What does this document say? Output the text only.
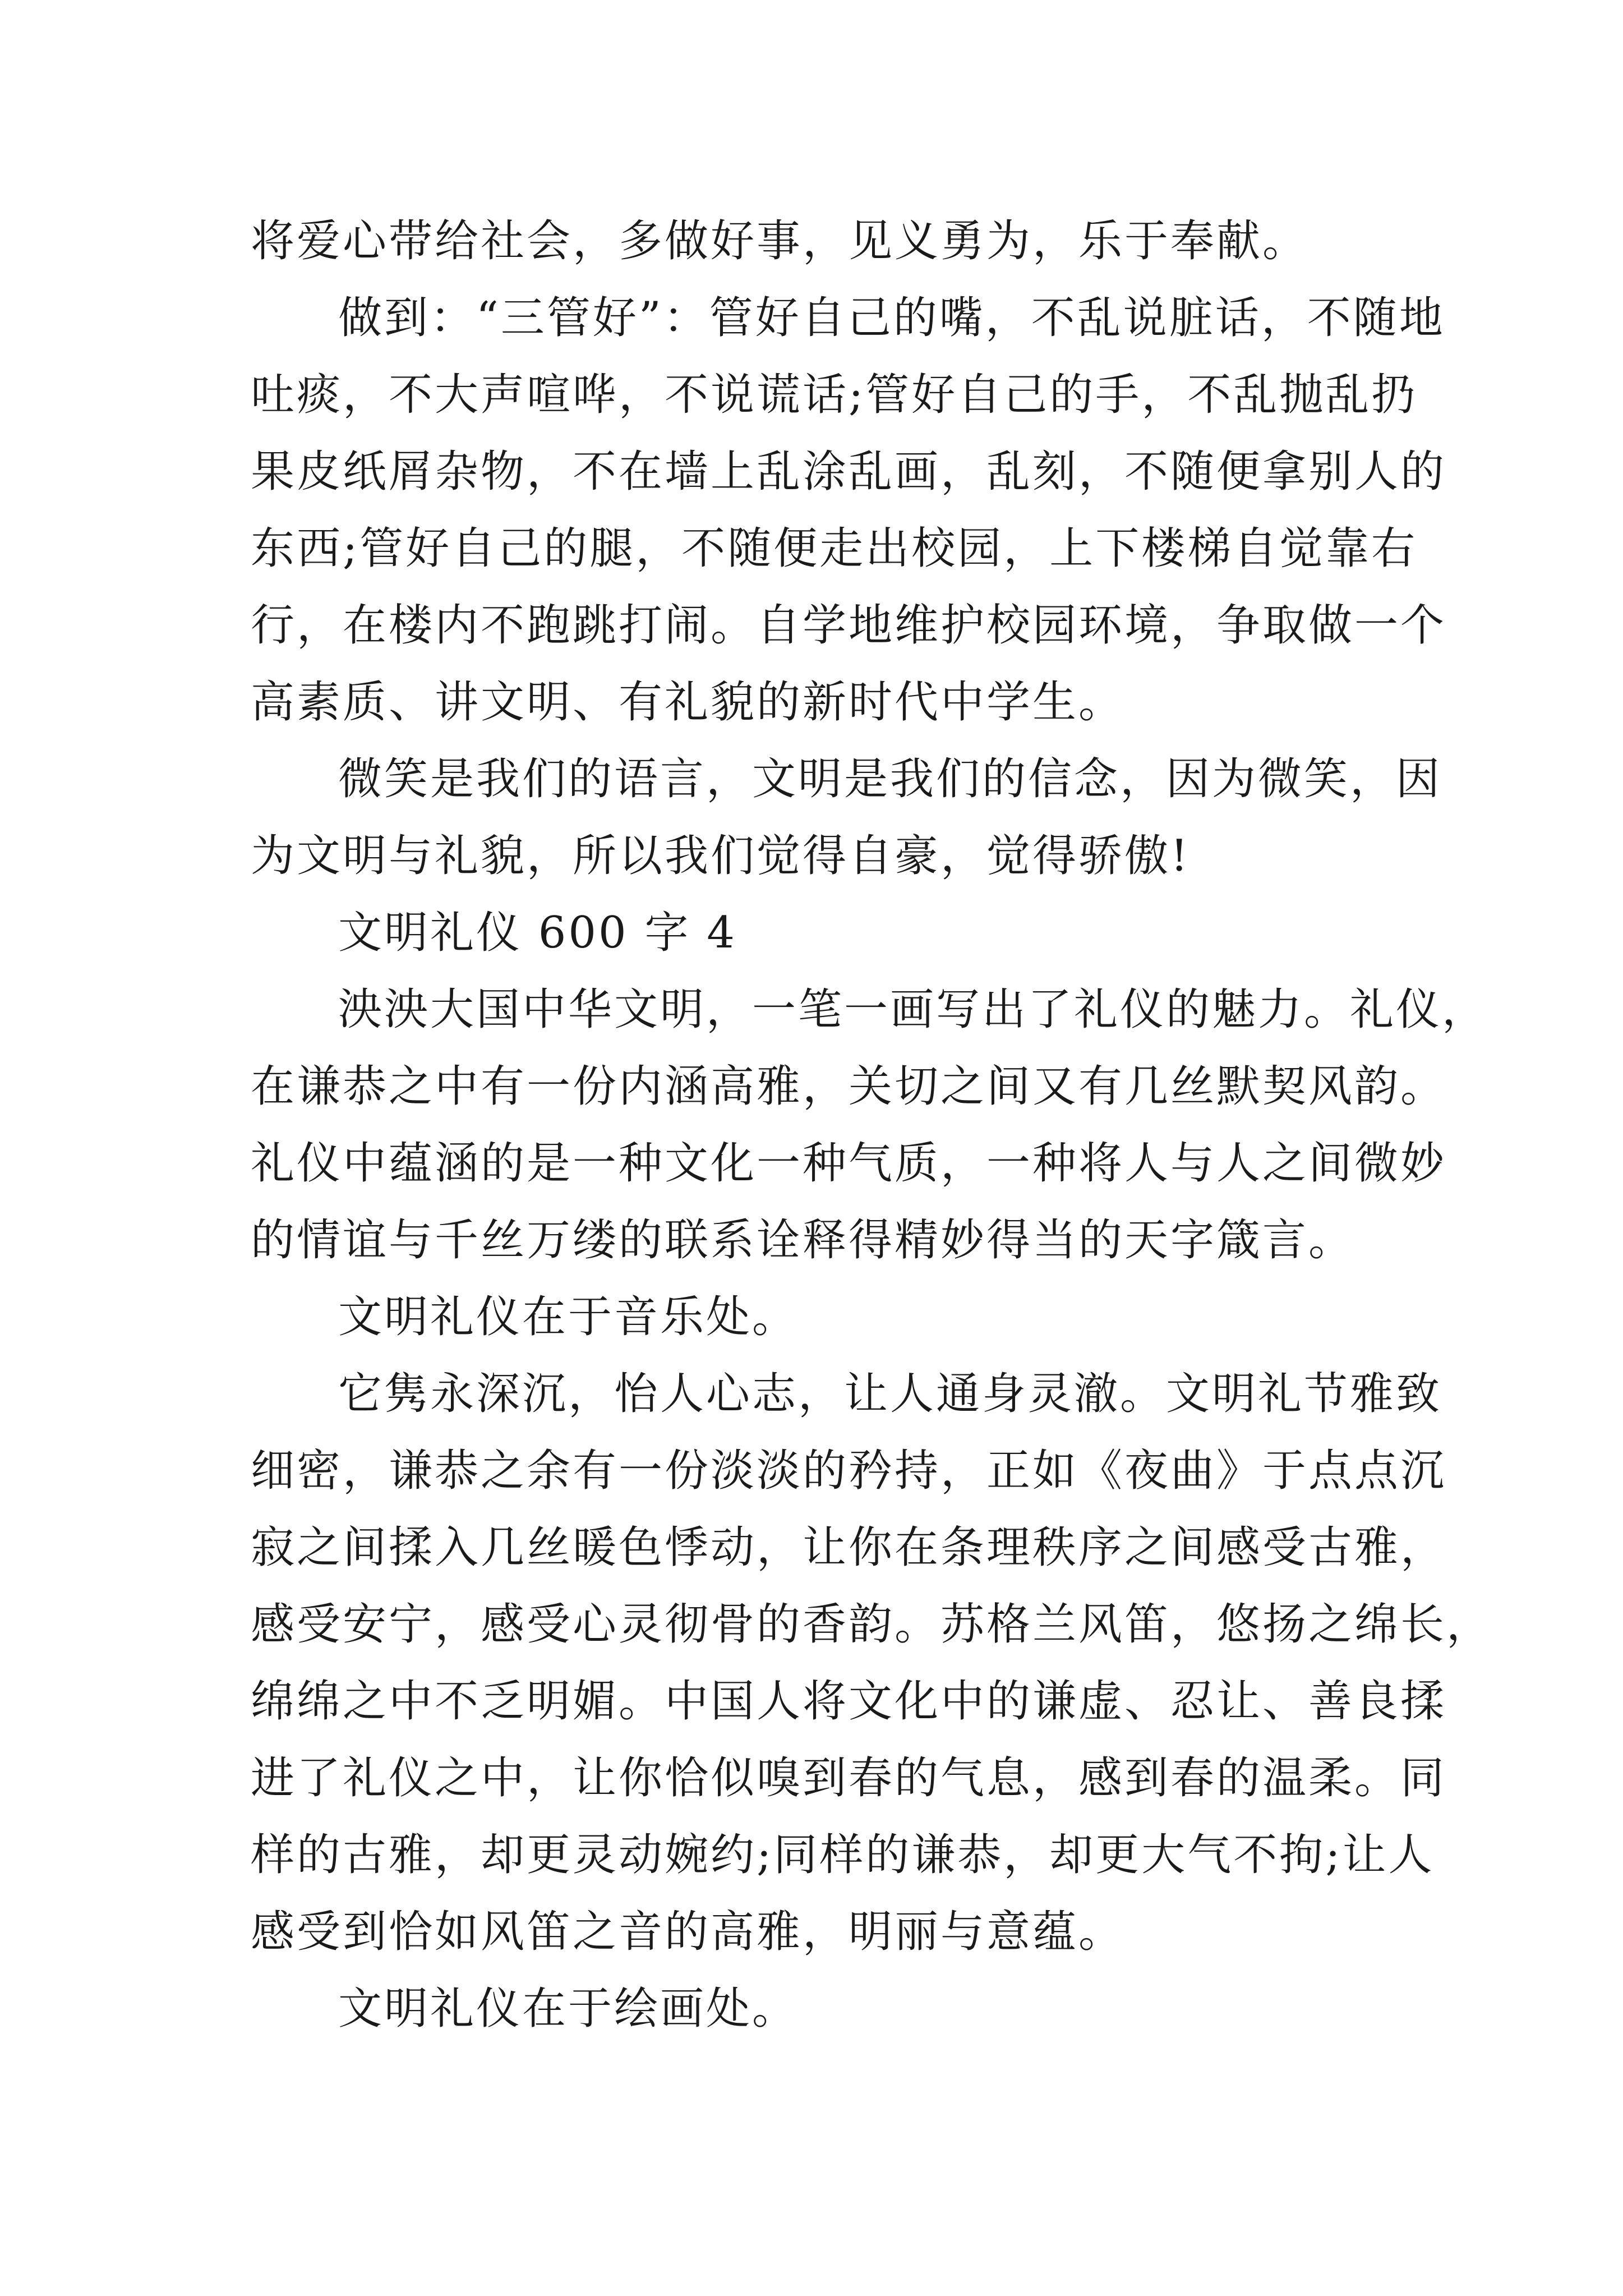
将爱心带给社会，多做好事，见义勇为，乐于奉献。

做到：“三管好”：管好自己的嘴，不乱说脏话，不随地
吐痰，不大声喧哗，不说谎话;管好自己的手，不乱抛乱扔
果皮纸屑杂物，不在墙上乱涂乱画，乱刻，不随便拿别人的
东西;管好自己的腿，不随便走出校园，上下楼梯自觉靠右
行，在楼内不跑跳打闹。自学地维护校园环境，争取做一个
高素质、讲文明、有礼貌的新时代中学生。

微笑是我们的语言，文明是我们的信念，因为微笑，因
为文明与礼貌，所以我们觉得自豪，觉得骄傲!

文明礼仪 600 字 4

泱泱大国中华文明，一笔一画写出了礼仪的魅力。礼仪，
在谦恭之中有一份内涵高雅，关切之间又有几丝默契风韵。
礼仪中蕴涵的是一种文化一种气质，一种将人与人之间微妙
的情谊与千丝万缕的联系诠释得精妙得当的天字箴言。

文明礼仪在于音乐处。

它隽永深沉，怡人心志，让人通身灵澈。文明礼节雅致
细密，谦恭之余有一份淡淡的矜持，正如《夜曲》于点点沉
寂之间揉入几丝暖色悸动，让你在条理秩序之间感受古雅，
感受安宁，感受心灵彻骨的香韵。苏格兰风笛，悠扬之绵长，
绵绵之中不乏明媚。中国人将文化中的谦虚、忍让、善良揉
进了礼仪之中，让你恰似嗅到春的气息，感到春的温柔。同
样的古雅，却更灵动婉约;同样的谦恭，却更大气不拘;让人
感受到恰如风笛之音的高雅，明丽与意蕴。

文明礼仪在于绘画处。
